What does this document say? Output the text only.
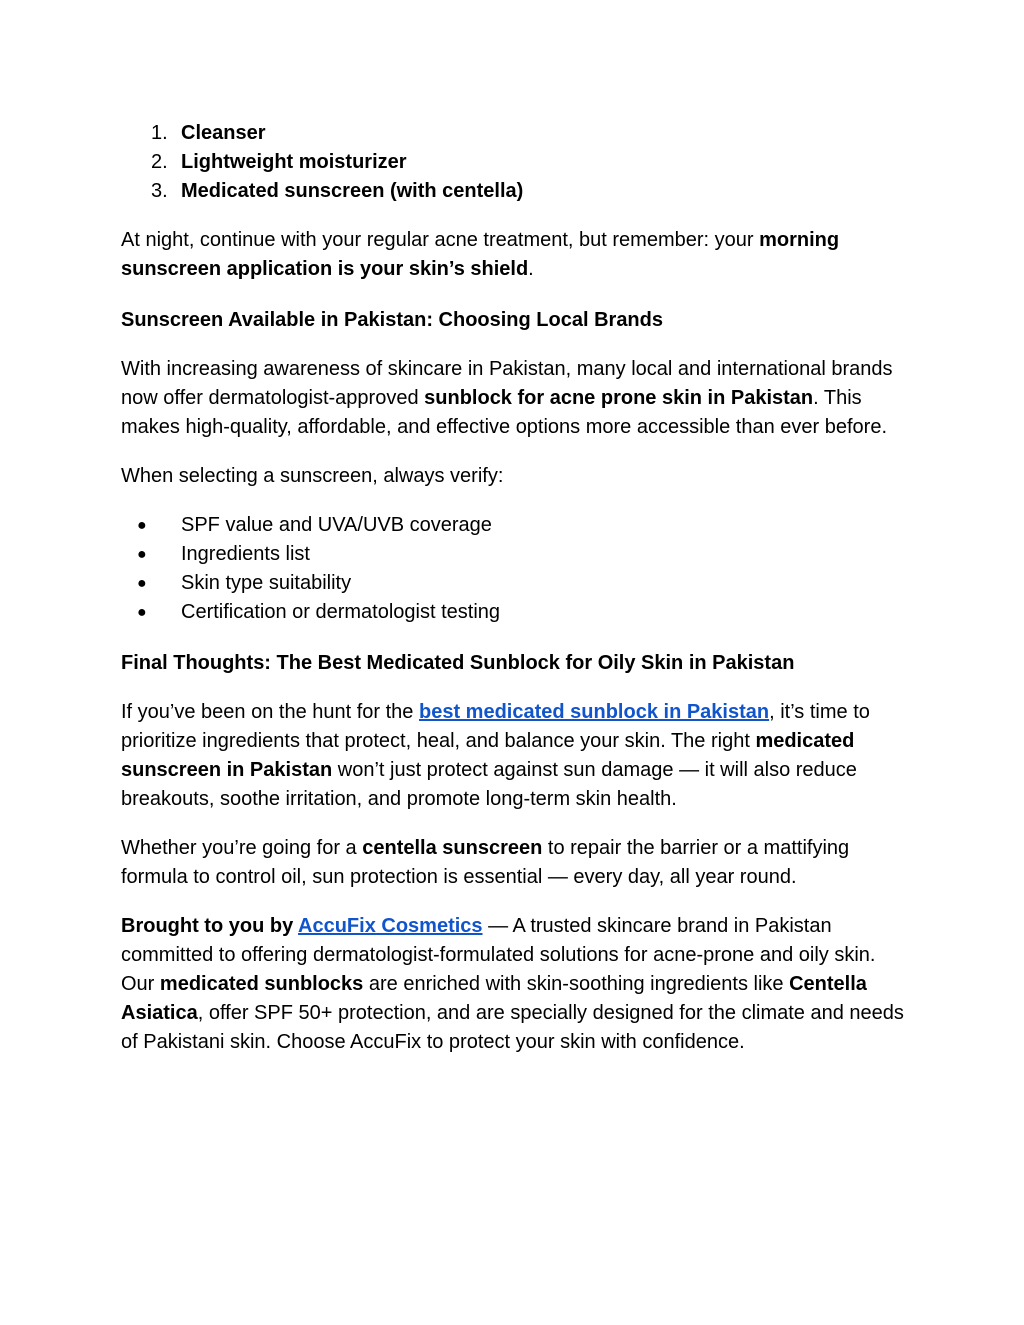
1. Cleanser
2. Lightweight moisturizer
3. Medicated sunscreen (with centella)

At night, continue with your regular acne treatment, but remember: your morning sunscreen application is your skin’s shield.

Sunscreen Available in Pakistan: Choosing Local Brands

With increasing awareness of skincare in Pakistan, many local and international brands now offer dermatologist-approved sunblock for acne prone skin in Pakistan. This makes high-quality, affordable, and effective options more accessible than ever before.

When selecting a sunscreen, always verify:

●	SPF value and UVA/UVB coverage
●	Ingredients list
●	Skin type suitability
●	Certification or dermatologist testing

Final Thoughts: The Best Medicated Sunblock for Oily Skin in Pakistan

If you’ve been on the hunt for the best medicated sunblock in Pakistan, it’s time to prioritize ingredients that protect, heal, and balance your skin. The right medicated sunscreen in Pakistan won’t just protect against sun damage — it will also reduce breakouts, soothe irritation, and promote long-term skin health.

Whether you’re going for a centella sunscreen to repair the barrier or a mattifying formula to control oil, sun protection is essential — every day, all year round.

Brought to you by AccuFix Cosmetics — A trusted skincare brand in Pakistan committed to offering dermatologist-formulated solutions for acne-prone and oily skin. Our medicated sunblocks are enriched with skin-soothing ingredients like Centella Asiatica, offer SPF 50+ protection, and are specially designed for the climate and needs of Pakistani skin. Choose AccuFix to protect your skin with confidence.
